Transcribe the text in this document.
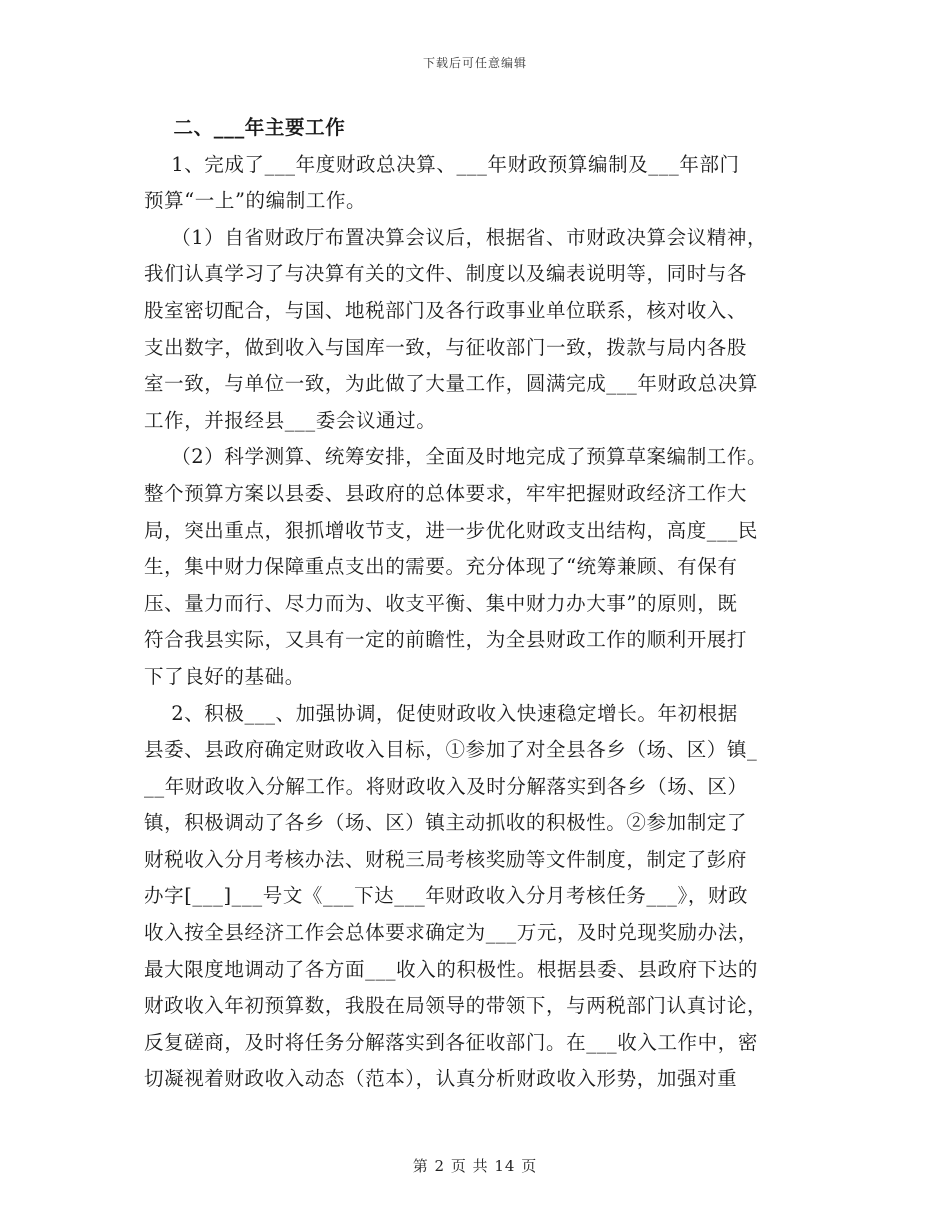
下载后可任意编辑
二、___年主要工作
1、完成了___年度财政总决算、___年财政预算编制及___年部门
预算“一上”的编制工作。
（1）自省财政厅布置决算会议后，根据省、市财政决算会议精神，
我们认真学习了与决算有关的文件、制度以及编表说明等，同时与各
股室密切配合，与国、地税部门及各行政事业单位联系，核对收入、
支出数字，做到收入与国库一致，与征收部门一致，拨款与局内各股
室一致，与单位一致，为此做了大量工作，圆满完成___年财政总决算
工作，并报经县___委会议通过。
（2）科学测算、统筹安排，全面及时地完成了预算草案编制工作。
整个预算方案以县委、县政府的总体要求，牢牢把握财政经济工作大
局，突出重点，狠抓增收节支，进一步优化财政支出结构，高度___民
生，集中财力保障重点支出的需要。充分体现了“统筹兼顾、有保有
压、量力而行、尽力而为、收支平衡、集中财力办大事”的原则，既
符合我县实际，又具有一定的前瞻性，为全县财政工作的顺利开展打
下了良好的基础。
2、积极___、加强协调，促使财政收入快速稳定增长。年初根据
县委、县政府确定财政收入目标，①参加了对全县各乡（场、区）镇_
__年财政收入分解工作。将财政收入及时分解落实到各乡（场、区）
镇，积极调动了各乡（场、区）镇主动抓收的积极性。②参加制定了
财税收入分月考核办法、财税三局考核奖励等文件制度，制定了彭府
办字[___]___号文《___下达___年财政收入分月考核任务___》，财政
收入按全县经济工作会总体要求确定为___万元，及时兑现奖励办法，
最大限度地调动了各方面___收入的积极性。根据县委、县政府下达的
财政收入年初预算数，我股在局领导的带领下，与两税部门认真讨论，
反复磋商，及时将任务分解落实到各征收部门。在___收入工作中，密
切凝视着财政收入动态（范本），认真分析财政收入形势，加强对重
第 2 页 共 14 页
